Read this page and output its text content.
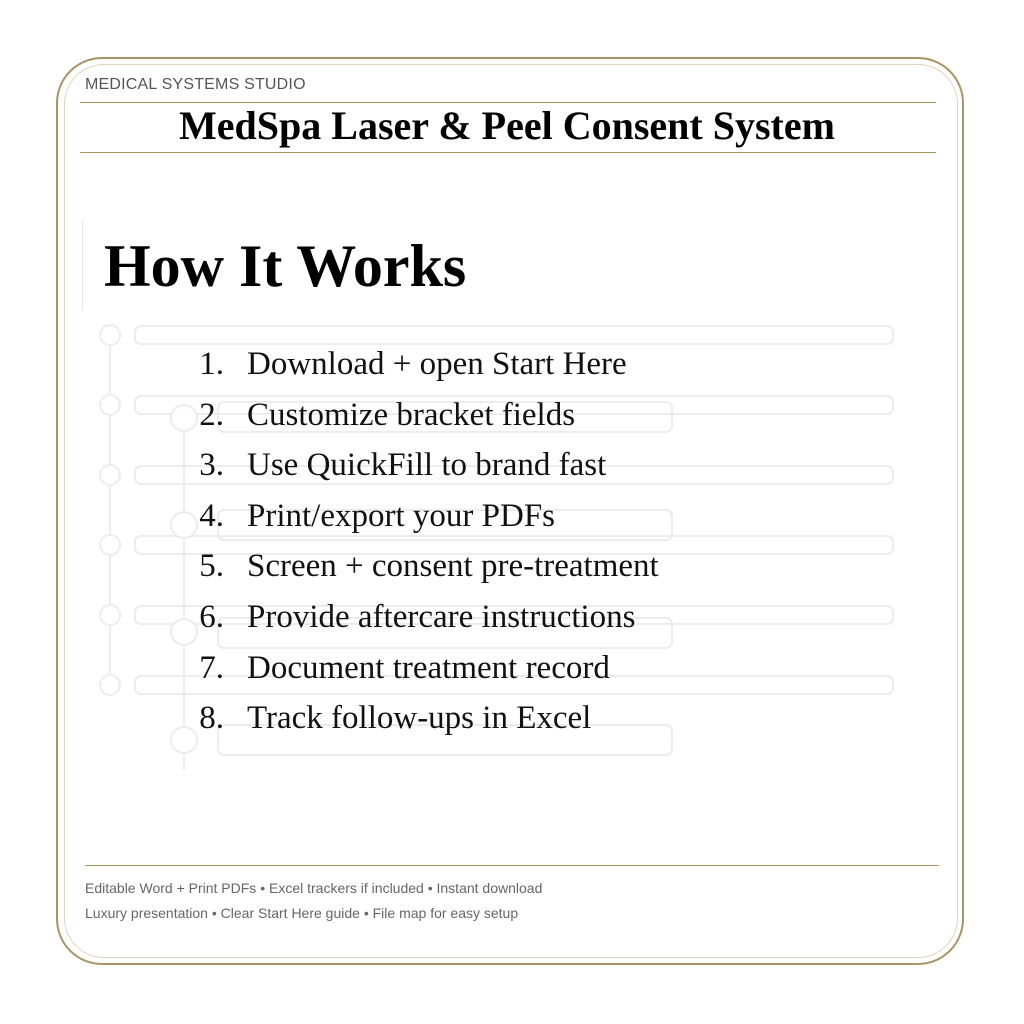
MEDICAL SYSTEMS STUDIO
MedSpa Laser & Peel Consent System
How It Works
1. Download + open Start Here
2. Customize bracket fields
3. Use QuickFill to brand fast
4. Print/export your PDFs
5. Screen + consent pre-treatment
6. Provide aftercare instructions
7. Document treatment record
8. Track follow-ups in Excel
Editable Word + Print PDFs • Excel trackers if included • Instant download
Luxury presentation • Clear Start Here guide • File map for easy setup
